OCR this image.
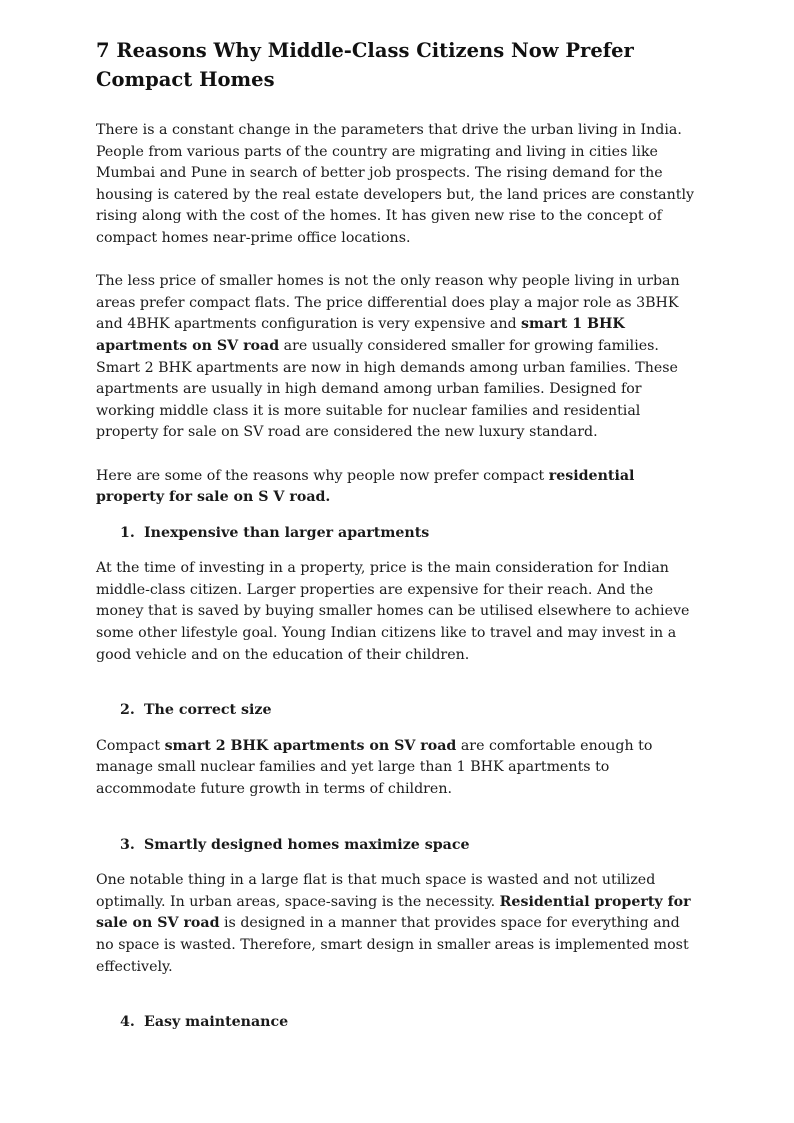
7 Reasons Why Middle-Class Citizens Now Prefer Compact Homes

There is a constant change in the parameters that drive the urban living in India. People from various parts of the country are migrating and living in cities like Mumbai and Pune in search of better job prospects. The rising demand for the housing is catered by the real estate developers but, the land prices are constantly rising along with the cost of the homes. It has given new rise to the concept of compact homes near-prime office locations.

The less price of smaller homes is not the only reason why people living in urban areas prefer compact flats. The price differential does play a major role as 3BHK and 4BHK apartments configuration is very expensive and smart 1 BHK apartments on SV road are usually considered smaller for growing families. Smart 2 BHK apartments are now in high demands among urban families. These apartments are usually in high demand among urban families. Designed for working middle class it is more suitable for nuclear families and residential property for sale on SV road are considered the new luxury standard.

Here are some of the reasons why people now prefer compact residential property for sale on S V road.

1. Inexpensive than larger apartments

At the time of investing in a property, price is the main consideration for Indian middle-class citizen. Larger properties are expensive for their reach. And the money that is saved by buying smaller homes can be utilised elsewhere to achieve some other lifestyle goal. Young Indian citizens like to travel and may invest in a good vehicle and on the education of their children.

2. The correct size

Compact smart 2 BHK apartments on SV road are comfortable enough to manage small nuclear families and yet large than 1 BHK apartments to accommodate future growth in terms of children.

3. Smartly designed homes maximize space

One notable thing in a large flat is that much space is wasted and not utilized optimally. In urban areas, space-saving is the necessity. Residential property for sale on SV road is designed in a manner that provides space for everything and no space is wasted. Therefore, smart design in smaller areas is implemented most effectively.

4. Easy maintenance
